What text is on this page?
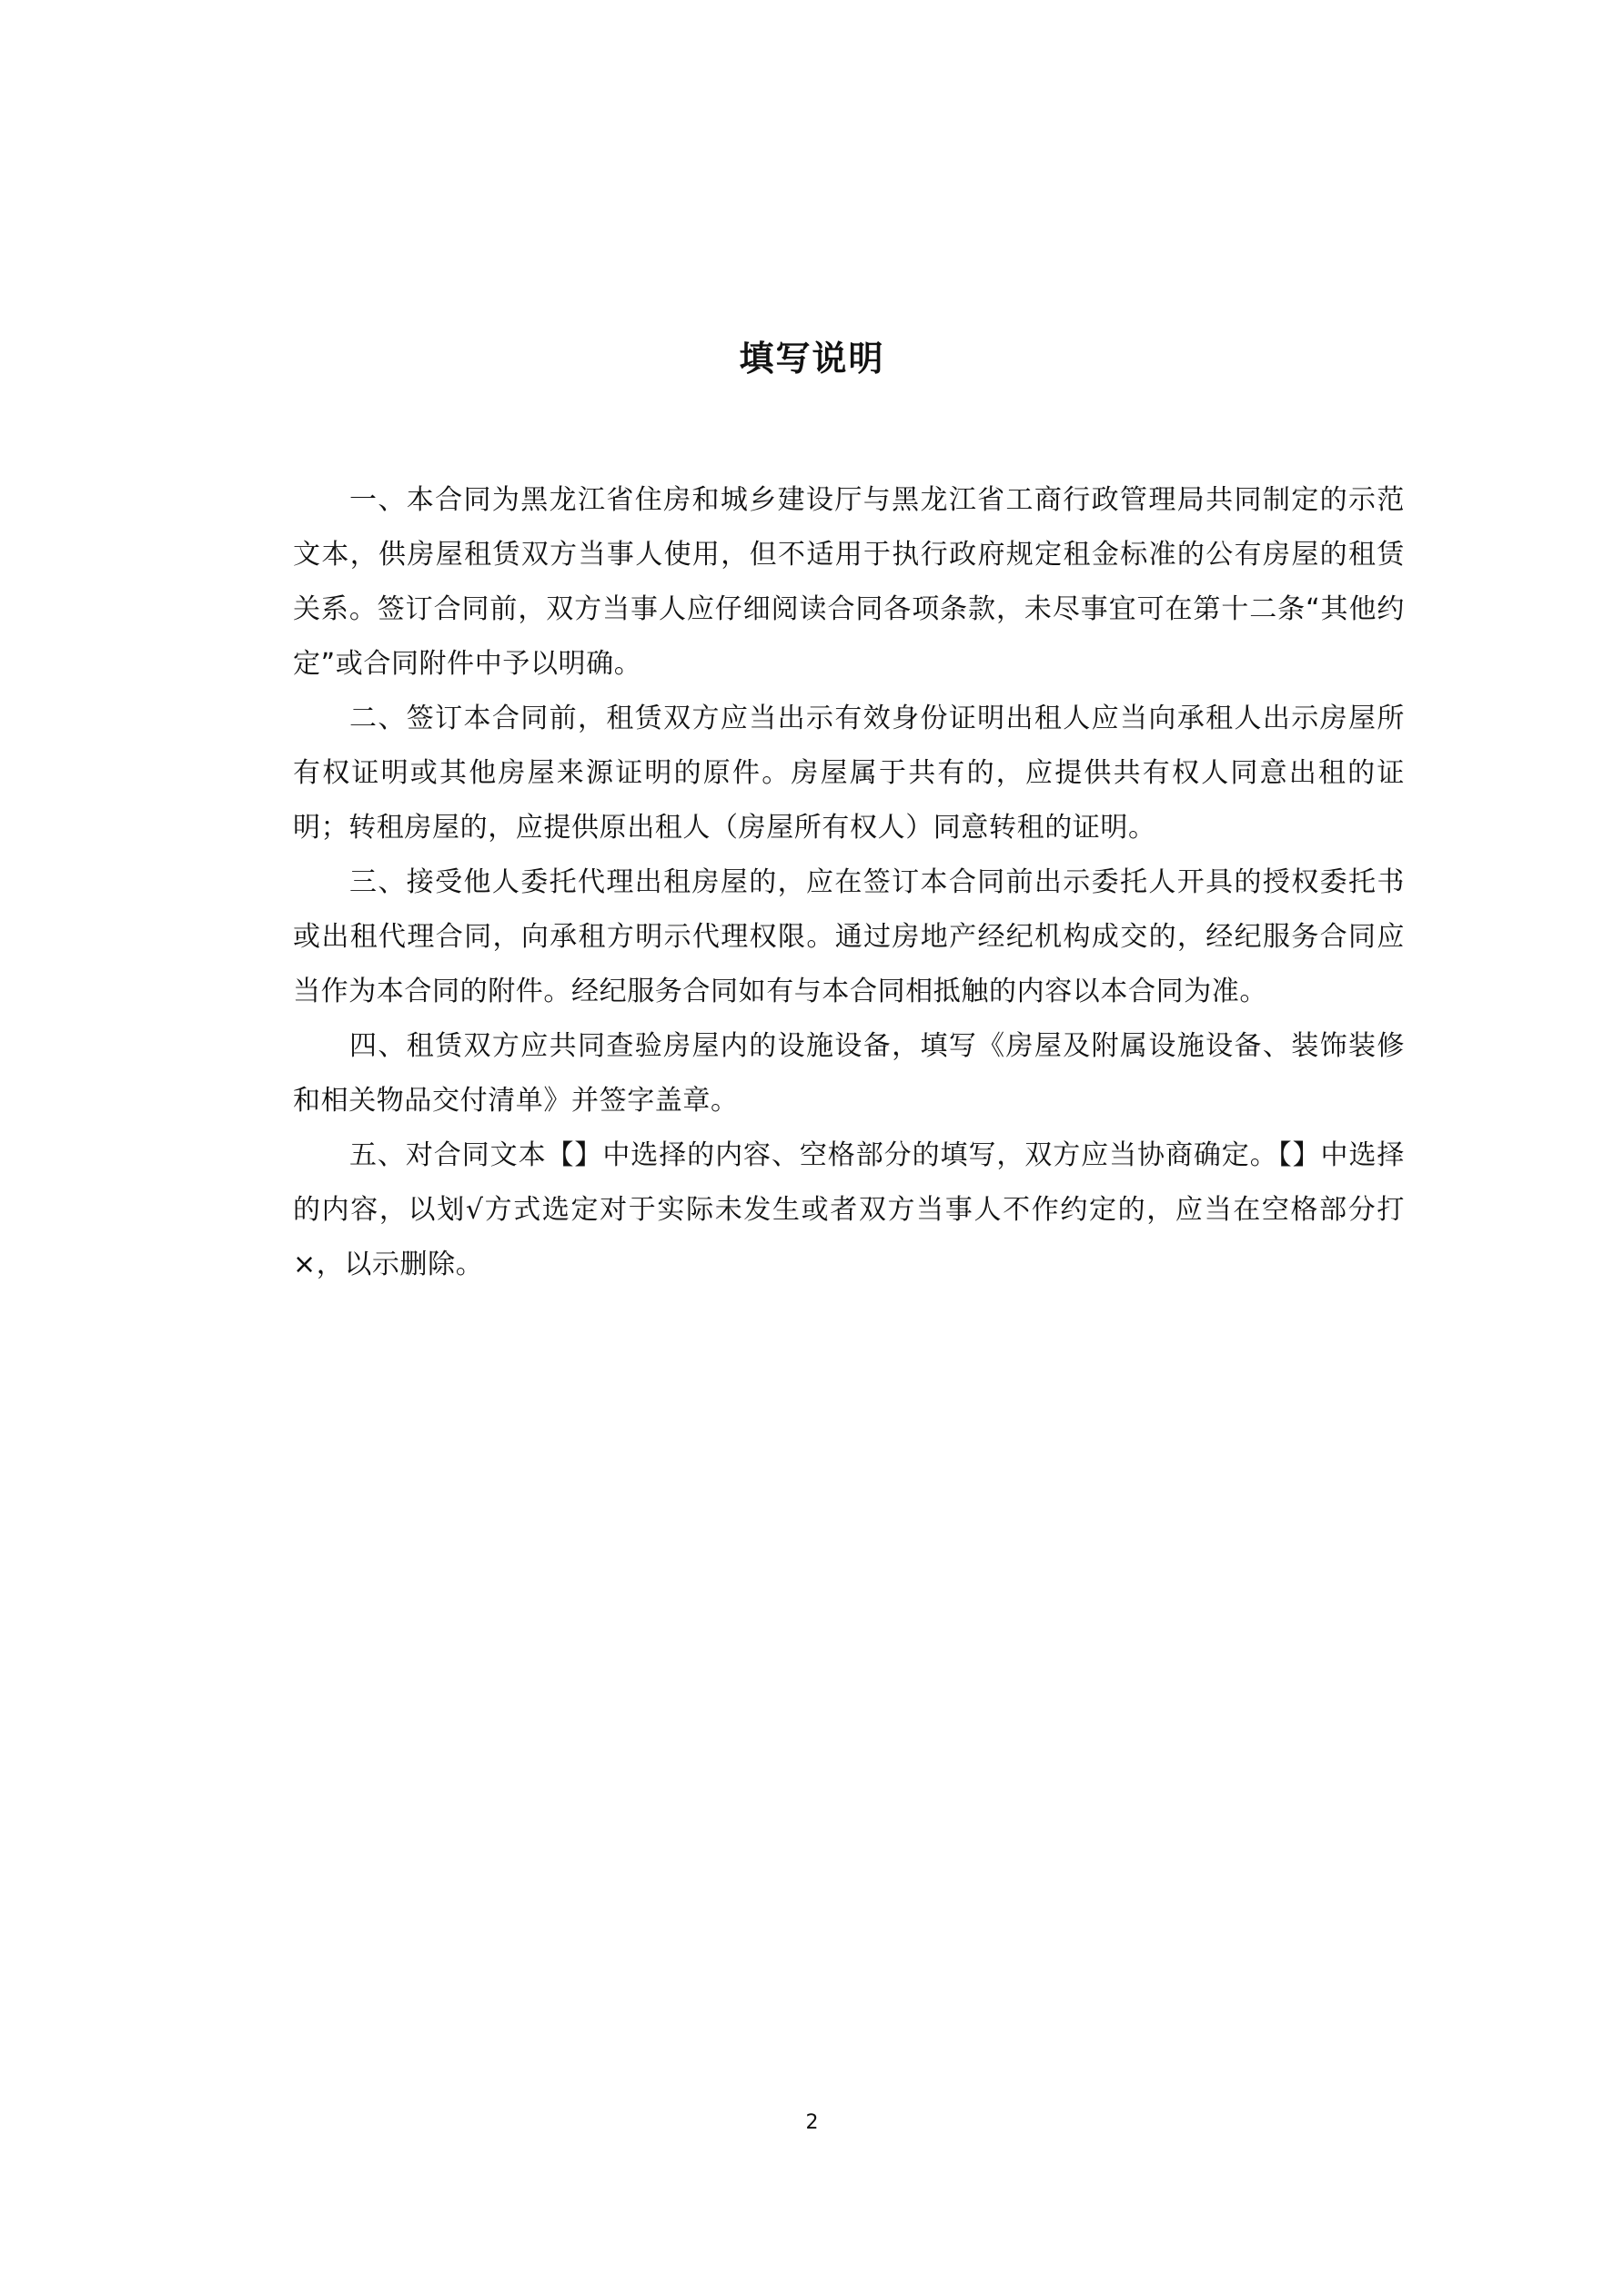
填写说明

一、本合同为黑龙江省住房和城乡建设厅与黑龙江省工商行政管理局共同制定的示范文本，供房屋租赁双方当事人使用，但不适用于执行政府规定租金标准的公有房屋的租赁关系。签订合同前，双方当事人应仔细阅读合同各项条款，未尽事宜可在第十二条“其他约定”或合同附件中予以明确。

二、签订本合同前，租赁双方应当出示有效身份证明出租人应当向承租人出示房屋所有权证明或其他房屋来源证明的原件。房屋属于共有的，应提供共有权人同意出租的证明；转租房屋的，应提供原出租人（房屋所有权人）同意转租的证明。

三、接受他人委托代理出租房屋的，应在签订本合同前出示委托人开具的授权委托书或出租代理合同，向承租方明示代理权限。通过房地产经纪机构成交的，经纪服务合同应当作为本合同的附件。经纪服务合同如有与本合同相抵触的内容以本合同为准。

四、租赁双方应共同查验房屋内的设施设备，填写《房屋及附属设施设备、装饰装修和相关物品交付清单》并签字盖章。

五、对合同文本【】中选择的内容、空格部分的填写，双方应当协商确定。【】中选择的内容，以划√方式选定对于实际未发生或者双方当事人不作约定的，应当在空格部分打×，以示删除。

2
